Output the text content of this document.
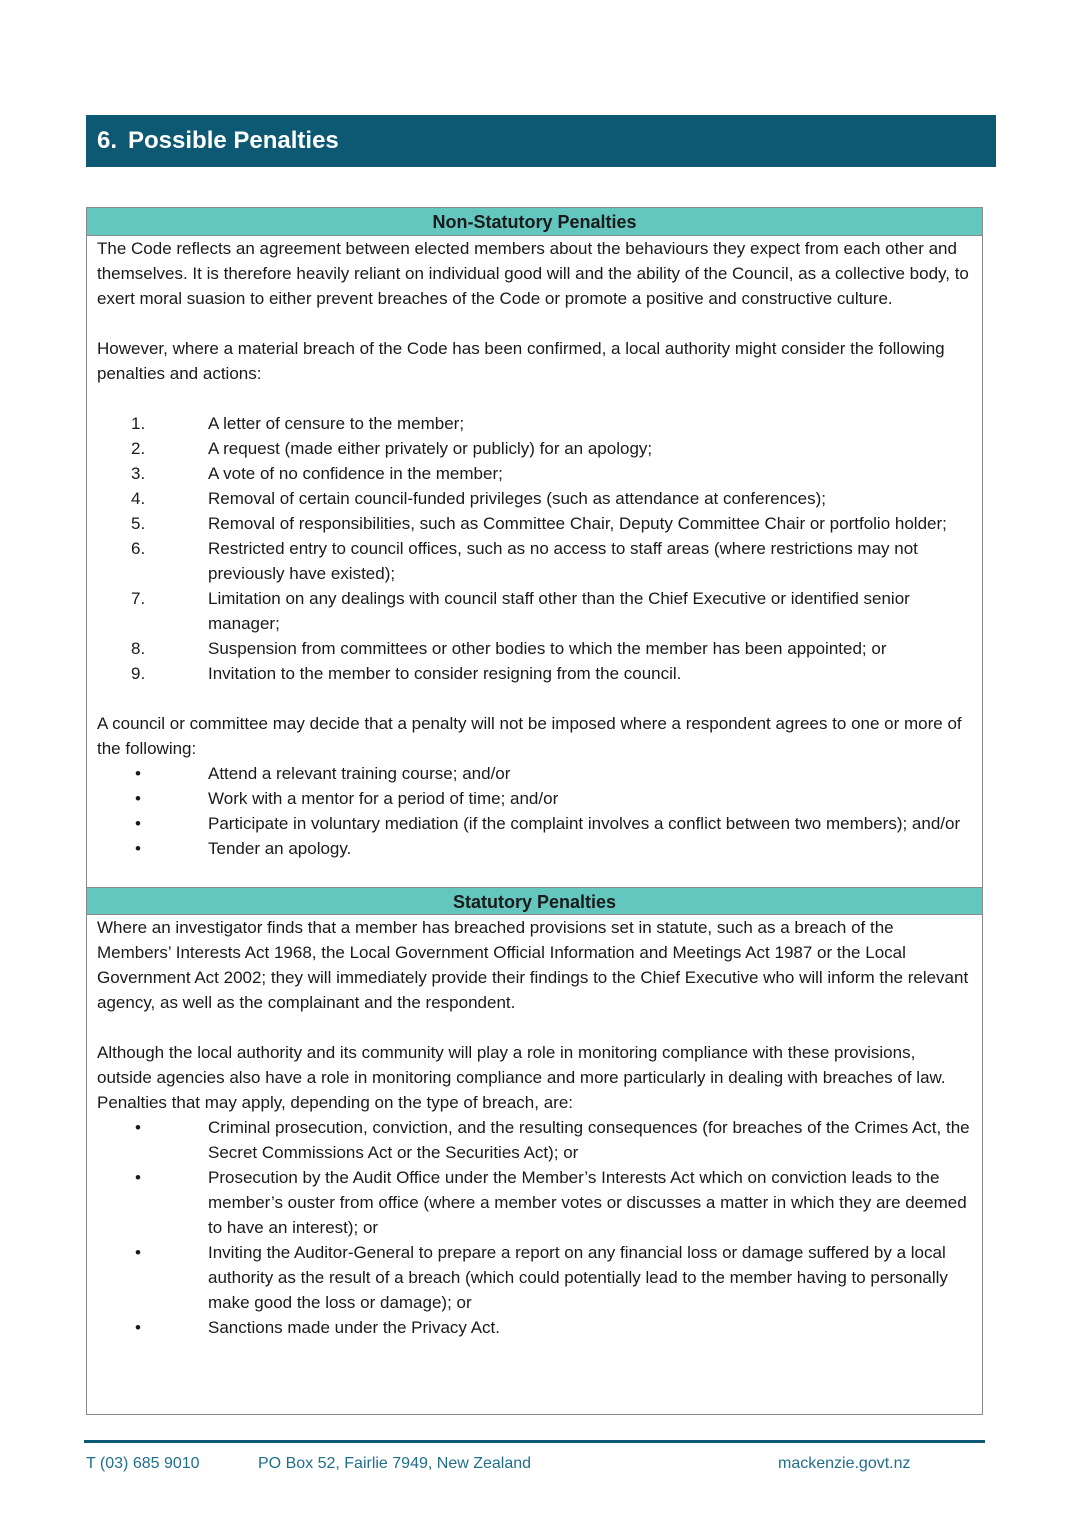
6. Possible Penalties
Non-Statutory Penalties

The Code reflects an agreement between elected members about the behaviours they expect from each other and themselves. It is therefore heavily reliant on individual good will and the ability of the Council, as a collective body, to exert moral suasion to either prevent breaches of the Code or promote a positive and constructive culture.

However, where a material breach of the Code has been confirmed, a local authority might consider the following penalties and actions:

1.	A letter of censure to the member;
2.	A request (made either privately or publicly) for an apology;
3.	A vote of no confidence in the member;
4.	Removal of certain council-funded privileges (such as attendance at conferences);
5.	Removal of responsibilities, such as Committee Chair, Deputy Committee Chair or portfolio holder;
6.	Restricted entry to council offices, such as no access to staff areas (where restrictions may not previously have existed);
7.	Limitation on any dealings with council staff other than the Chief Executive or identified senior manager;
8.	Suspension from committees or other bodies to which the member has been appointed; or
9.	Invitation to the member to consider resigning from the council.

A council or committee may decide that a penalty will not be imposed where a respondent agrees to one or more of the following:

•	Attend a relevant training course; and/or
•	Work with a mentor for a period of time; and/or
•	Participate in voluntary mediation (if the complaint involves a conflict between two members); and/or
•	Tender an apology.
Statutory Penalties

Where an investigator finds that a member has breached provisions set in statute, such as a breach of the Members’ Interests Act 1968, the Local Government Official Information and Meetings Act 1987 or the Local Government Act 2002; they will immediately provide their findings to the Chief Executive who will inform the relevant agency, as well as the complainant and the respondent.

Although the local authority and its community will play a role in monitoring compliance with these provisions, outside agencies also have a role in monitoring compliance and more particularly in dealing with breaches of law. Penalties that may apply, depending on the type of breach, are:

•	Criminal prosecution, conviction, and the resulting consequences (for breaches of the Crimes Act, the Secret Commissions Act or the Securities Act); or
•	Prosecution by the Audit Office under the Member’s Interests Act which on conviction leads to the member’s ouster from office (where a member votes or discusses a matter in which they are deemed to have an interest); or
•	Inviting the Auditor-General to prepare a report on any financial loss or damage suffered by a local authority as the result of a breach (which could potentially lead to the member having to personally make good the loss or damage); or
•	Sanctions made under the Privacy Act.
T (03) 685 9010	PO Box 52, Fairlie 7949, New Zealand	mackenzie.govt.nz
